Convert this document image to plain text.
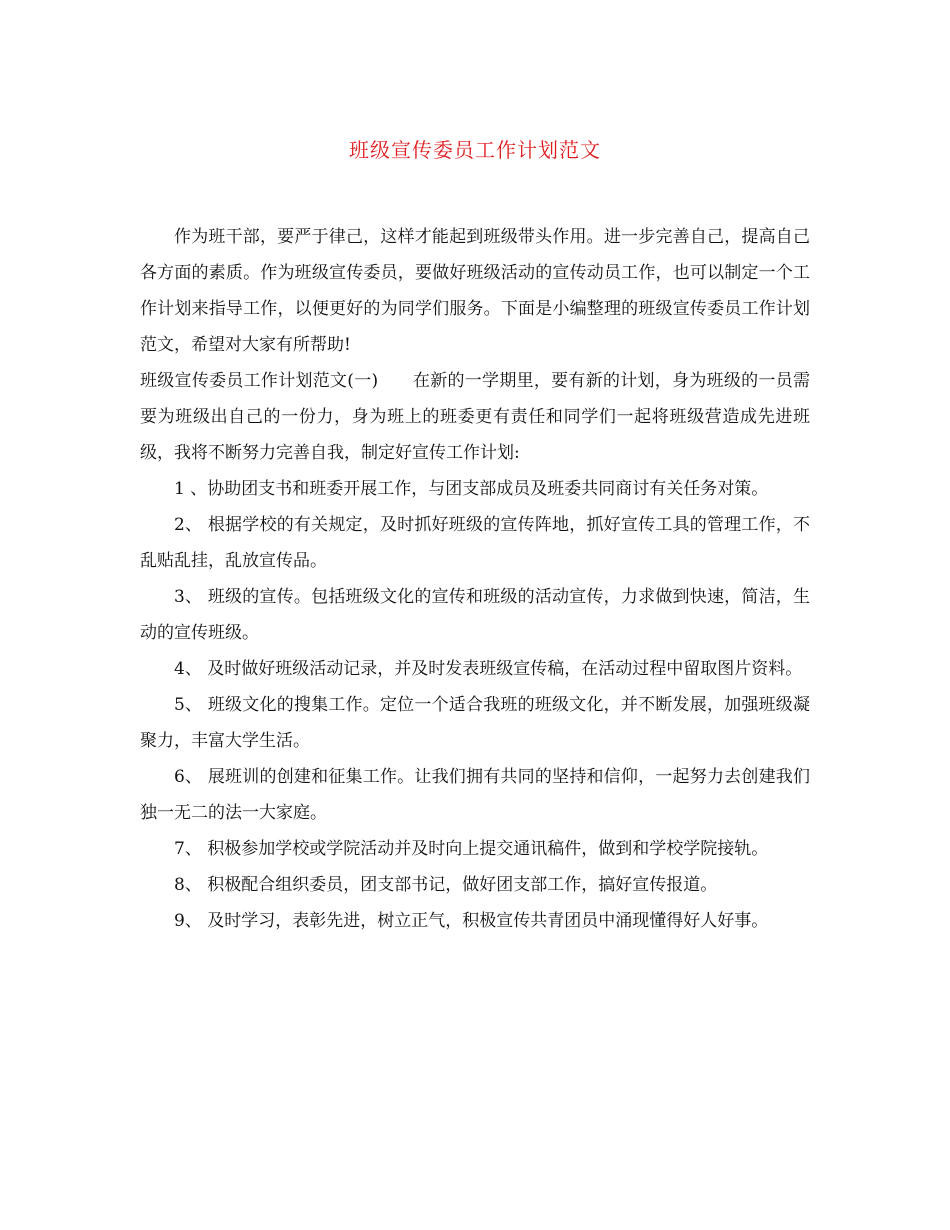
班级宣传委员工作计划范文

作为班干部，要严于律己，这样才能起到班级带头作用。进一步完善自己，提高自己各方面的素质。作为班级宣传委员，要做好班级活动的宣传动员工作，也可以制定一个工作计划来指导工作，以便更好的为同学们服务。下面是小编整理的班级宣传委员工作计划范文，希望对大家有所帮助!

班级宣传委员工作计划范文(一)　　 在新的一学期里，要有新的计划，身为班级的一员需要为班级出自己的一份力，身为班上的班委更有责任和同学们一起将班级营造成先进班级，我将不断努力完善自我，制定好宣传工作计划:

1 、协助团支书和班委开展工作，与团支部成员及班委共同商讨有关任务对策。

2、 根据学校的有关规定，及时抓好班级的宣传阵地，抓好宣传工具的管理工作，不乱贴乱挂，乱放宣传品。

3、 班级的宣传。包括班级文化的宣传和班级的活动宣传，力求做到快速，简洁，生动的宣传班级。

4、 及时做好班级活动记录，并及时发表班级宣传稿，在活动过程中留取图片资料。

5、 班级文化的搜集工作。定位一个适合我班的班级文化，并不断发展，加强班级凝聚力，丰富大学生活。

6、 展班训的创建和征集工作。让我们拥有共同的坚持和信仰，一起努力去创建我们独一无二的法一大家庭。

7、 积极参加学校或学院活动并及时向上提交通讯稿件，做到和学校学院接轨。

8、 积极配合组织委员，团支部书记，做好团支部工作，搞好宣传报道。

9、 及时学习，表彰先进，树立正气，积极宣传共青团员中涌现懂得好人好事。
